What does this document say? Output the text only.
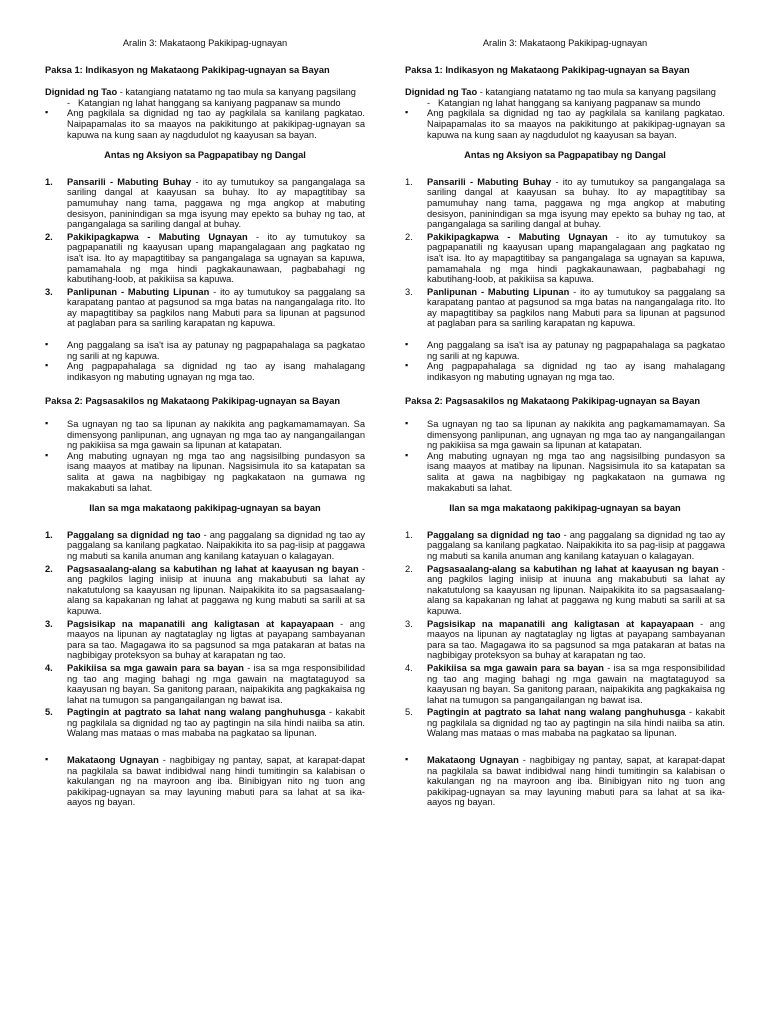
Aralin 3: Makataong Pakikipag-ugnayan
Paksa 1: Indikasyon ng Makataong Pakikipag-ugnayan sa Bayan
Dignidad ng Tao - katangiang natatamo ng tao mula sa kanyang pagsilang
- Katangian ng lahat hanggang sa kaniyang pagpanaw sa mundo
▪ Ang pagkilala sa dignidad ng tao ay pagkilala sa kanilang pagkatao. Naipapamalas ito sa maayos na pakikitungo at pakikipag-ugnayan sa kapuwa na kung saan ay nagdudulot ng kaayusan sa bayan.
Antas ng Aksiyon sa Pagpapatibay ng Dangal
1. Pansarili - Mabuting Buhay - ito ay tumutukoy sa pangangalaga sa sariling dangal at kaayusan sa buhay. Ito ay mapagtitibay sa pamumuhay nang tama, paggawa ng mga angkop at mabuting desisyon, paninindigan sa mga isyung may epekto sa buhay ng tao, at pangangalaga sa sariling dangal at buhay.
2. Pakikipagkapwa - Mabuting Ugnayan - ito ay tumutukoy sa pagpapanatili ng kaayusan upang mapangalagaan ang pagkatao ng isa't isa. Ito ay mapagtitibay sa pangangalaga sa ugnayan sa kapuwa, pamamahala ng mga hindi pagkakaunawaan, pagbabahagi ng kabutihang-loob, at pakikiisa sa kapuwa.
3. Panlipunan - Mabuting Lipunan - ito ay tumutukoy sa paggalang sa karapatang pantao at pagsunod sa mga batas na nangangalaga rito. Ito ay mapagtitibay sa pagkilos nang Mabuti para sa lipunan at pagsunod at paglaban para sa sariling karapatan ng kapuwa.
▪ Ang paggalang sa isa't isa ay patunay ng pagpapahalaga sa pagkatao ng sarili at ng kapuwa.
▪ Ang pagpapahalaga sa dignidad ng tao ay isang mahalagang indikasyon ng mabuting ugnayan ng mga tao.
Paksa 2: Pagsasakilos ng Makataong Pakikipag-ugnayan sa Bayan
▪ Sa ugnayan ng tao sa lipunan ay nakikita ang pagkamamamayan. Sa dimensyong panlipunan, ang ugnayan ng mga tao ay nangangailangan ng pakikiisa sa mga gawain sa lipunan at katapatan.
▪ Ang mabuting ugnayan ng mga tao ang nagsisilbing pundasyon sa isang maayos at matibay na lipunan. Nagsisimula ito sa katapatan sa salita at gawa na nagbibigay ng pagkakataon na gumawa ng makakabuti sa lahat.
Ilan sa mga makataong pakikipag-ugnayan sa bayan
1. Paggalang sa dignidad ng tao - ang paggalang sa dignidad ng tao ay paggalang sa kanilang pagkatao. Naipakikita ito sa pag-iisip at paggawa ng mabuti sa kanila anuman ang kanilang katayuan o kalagayan.
2. Pagsasaalang-alang sa kabutihan ng lahat at kaayusan ng bayan - ang pagkilos laging iniisip at inuuna ang makabubuti sa lahat ay nakatutulong sa kaayusan ng lipunan. Naipakikita ito sa pagsasaalang-alang sa kapakanan ng lahat at paggawa ng kung mabuti sa sarili at sa kapuwa.
3. Pagsisikap na mapanatili ang kaligtasan at kapayapaan - ang maayos na lipunan ay nagtataglay ng ligtas at payapang sambayanan para sa tao. Magagawa ito sa pagsunod sa mga patakaran at batas na nagbibigay proteksyon sa buhay at karapatan ng tao.
4. Pakikiisa sa mga gawain para sa bayan - isa sa mga responsibilidad ng tao ang maging bahagi ng mga gawain na magtataguyod sa kaayusan ng bayan. Sa ganitong paraan, naipakikita ang pagkakaisa ng lahat na tumugon sa pangangailangan ng bawat isa.
5. Pagtingin at pagtrato sa lahat nang walang panghuhusga - kakabit ng pagkilala sa dignidad ng tao ay pagtingin na sila hindi naiiba sa atin. Walang mas mataas o mas mababa na pagkatao sa lipunan.
▪ Makataong Ugnayan - nagbibigay ng pantay, sapat, at karapat-dapat na pagkilala sa bawat indibidwal nang hindi tumitingin sa kalabisan o kakulangan ng na mayroon ang iba. Binibigyan nito ng tuon ang pakikipag-ugnayan sa may layuning mabuti para sa lahat at sa ika-aayos ng bayan.
Aralin 3: Makataong Pakikipag-ugnayan
Paksa 1: Indikasyon ng Makataong Pakikipag-ugnayan sa Bayan
Dignidad ng Tao - katangiang natatamo ng tao mula sa kanyang pagsilang
- Katangian ng lahat hanggang sa kaniyang pagpanaw sa mundo
▪ Ang pagkilala sa dignidad ng tao ay pagkilala sa kanilang pagkatao. Naipapamalas ito sa maayos na pakikitungo at pakikipag-ugnayan sa kapuwa na kung saan ay nagdudulot ng kaayusan sa bayan.
Antas ng Aksiyon sa Pagpapatibay ng Dangal
1. Pansarili - Mabuting Buhay - ito ay tumutukoy sa pangangalaga sa sariling dangal at kaayusan sa buhay. Ito ay mapagtitibay sa pamumuhay nang tama, paggawa ng mga angkop at mabuting desisyon, paninindigan sa mga isyung may epekto sa buhay ng tao, at pangangalaga sa sariling dangal at buhay.
2. Pakikipagkapwa - Mabuting Ugnayan - ito ay tumutukoy sa pagpapanatili ng kaayusan upang mapangalagaan ang pagkatao ng isa't isa. Ito ay mapagtitibay sa pangangalaga sa ugnayan sa kapuwa, pamamahala ng mga hindi pagkakaunawaan, pagbabahagi ng kabutihang-loob, at pakikiisa sa kapuwa.
3. Panlipunan - Mabuting Lipunan - ito ay tumutukoy sa paggalang sa karapatang pantao at pagsunod sa mga batas na nangangalaga rito. Ito ay mapagtitibay sa pagkilos nang Mabuti para sa lipunan at pagsunod at paglaban para sa sariling karapatan ng kapuwa.
▪ Ang paggalang sa isa't isa ay patunay ng pagpapahalaga sa pagkatao ng sarili at ng kapuwa.
▪ Ang pagpapahalaga sa dignidad ng tao ay isang mahalagang indikasyon ng mabuting ugnayan ng mga tao.
Paksa 2: Pagsasakilos ng Makataong Pakikipag-ugnayan sa Bayan
▪ Sa ugnayan ng tao sa lipunan ay nakikita ang pagkamamamayan. Sa dimensyong panlipunan, ang ugnayan ng mga tao ay nangangailangan ng pakikiisa sa mga gawain sa lipunan at katapatan.
▪ Ang mabuting ugnayan ng mga tao ang nagsisilbing pundasyon sa isang maayos at matibay na lipunan. Nagsisimula ito sa katapatan sa salita at gawa na nagbibigay ng pagkakataon na gumawa ng makakabuti sa lahat.
Ilan sa mga makataong pakikipag-ugnayan sa bayan
1. Paggalang sa dignidad ng tao - ang paggalang sa dignidad ng tao ay paggalang sa kanilang pagkatao. Naipakikita ito sa pag-iisip at paggawa ng mabuti sa kanila anuman ang kanilang katayuan o kalagayan.
2. Pagsasaalang-alang sa kabutihan ng lahat at kaayusan ng bayan - ang pagkilos laging iniisip at inuuna ang makabubuti sa lahat ay nakatutulong sa kaayusan ng lipunan. Naipakikita ito sa pagsasaalang-alang sa kapakanan ng lahat at paggawa ng kung mabuti sa sarili at sa kapuwa.
3. Pagsisikap na mapanatili ang kaligtasan at kapayapaan - ang maayos na lipunan ay nagtataglay ng ligtas at payapang sambayanan para sa tao. Magagawa ito sa pagsunod sa mga patakaran at batas na nagbibigay proteksyon sa buhay at karapatan ng tao.
4. Pakikiisa sa mga gawain para sa bayan - isa sa mga responsibilidad ng tao ang maging bahagi ng mga gawain na magtataguyod sa kaayusan ng bayan. Sa ganitong paraan, naipakikita ang pagkakaisa ng lahat na tumugon sa pangangailangan ng bawat isa.
5. Pagtingin at pagtrato sa lahat nang walang panghuhusga - kakabit ng pagkilala sa dignidad ng tao ay pagtingin na sila hindi naiiba sa atin. Walang mas mataas o mas mababa na pagkatao sa lipunan.
▪ Makataong Ugnayan - nagbibigay ng pantay, sapat, at karapat-dapat na pagkilala sa bawat indibidwal nang hindi tumitingin sa kalabisan o kakulangan ng na mayroon ang iba. Binibigyan nito ng tuon ang pakikipag-ugnayan sa may layuning mabuti para sa lahat at sa ika-aayos ng bayan.
